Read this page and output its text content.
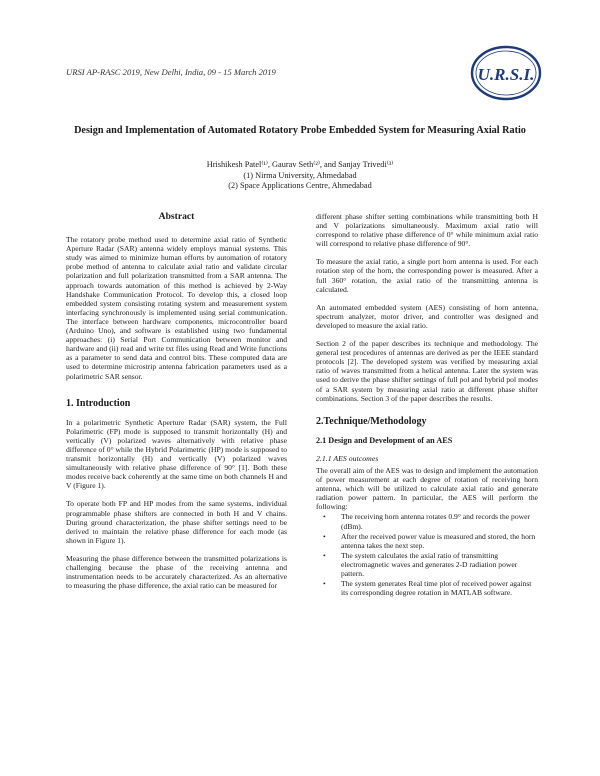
URSI AP-RASC 2019, New Delhi, India, 09 - 15 March 2019	U.R.S.I.
Design and Implementation of Automated Rotatory Probe Embedded System for Measuring Axial Ratio
Hrishikesh Patel⁽¹⁾, Gaurav Seth⁽²⁾, and Sanjay Trivedi⁽³⁾
(1) Nirma University, Ahmedabad
(2) Space Applications Centre, Ahmedabad
Abstract

The rotatory probe method used to determine axial ratio of Synthetic Aperture Radar (SAR) antenna widely employs manual systems. This study was aimed to minimize human efforts by automation of rotatory probe method of antenna to calculate axial ratio and validate circular polarization and full polarization transmitted from a SAR antenna. The approach towards automation of this method is achieved by 2-Way Handshake Communication Protocol. To develop this, a closed loop embedded system consisting rotating system and measurement system interfacing synchronously is implemented using serial communication. The interface between hardware components, microcontroller board (Arduino Uno), and software is established using two fundamental approaches: (i) Serial Port Communication between monitor and hardware and (ii) read and write txt files using Read and Write functions as a parameter to send data and control bits. These computed data are used to determine microstrip antenna fabrication parameters used as a polarimetric SAR sensor.

1. Introduction

In a polarimetric Synthetic Aperture Radar (SAR) system, the Full Polarimetric (FP) mode is supposed to transmit horizontally (H) and vertically (V) polarized waves alternatively with relative phase difference of 0° while the Hybrid Polarimetric (HP) mode is supposed to transmit horizontally (H) and vertically (V) polarized waves simultaneously with relative phase difference of 90° [1]. Both these modes receive back coherently at the same time on both channels H and V (Figure 1).

To operate both FP and HP modes from the same systems, individual programmable phase shifters are connected in both H and V chains. During ground characterization, the phase shifter settings need to be derived to maintain the relative phase difference for each mode (as shown in Figure 1).

Measuring the phase difference between the transmitted polarizations is challenging because the phase of the receiving antenna and instrumentation needs to be accurately characterized. As an alternative to measuring the phase difference, the axial ratio can be measured for

different phase shifter setting combinations while transmitting both H and V polarizations simultaneously. Maximum axial ratio will correspond to relative phase difference of 0° while minimum axial ratio will correspond to relative phase difference of 90°.

To measure the axial ratio, a single port horn antenna is used. For each rotation step of the horn, the corresponding power is measured. After a full 360° rotation, the axial ratio of the transmitting antenna is calculated.

An automated embedded system (AES) consisting of horn antenna, spectrum analyzer, motor driver, and controller was designed and developed to measure the axial ratio.

Section 2 of the paper describes its technique and methodology. The general test procedures of antennas are derived as per the IEEE standard protocols [2]. The developed system was verified by measuring axial ratio of waves transmitted from a helical antenna. Later the system was used to derive the phase shifter settings of full pol and hybrid pol modes of a SAR system by measuring axial ratio at different phase shifter combinations. Section 3 of the paper describes the results.

2.Technique/Methodology
2.1 Design and Development of an AES
2.1.1 AES outcomes

The overall aim of the AES was to design and implement the automation of power measurement at each degree of rotation of receiving horn antenna, which will be utilized to calculate axial ratio and generate radiation power pattern. In particular, the AES will perform the following:

• The receiving horn antenna rotates 0.9° and records the power (dBm).
• After the received power value is measured and stored, the horn antenna takes the next step.
• The system calculates the axial ratio of transmitting electromagnetic waves and generates 2-D radiation power pattern.
• The system generates Real time plot of received power against its corresponding degree rotation in MATLAB software.
